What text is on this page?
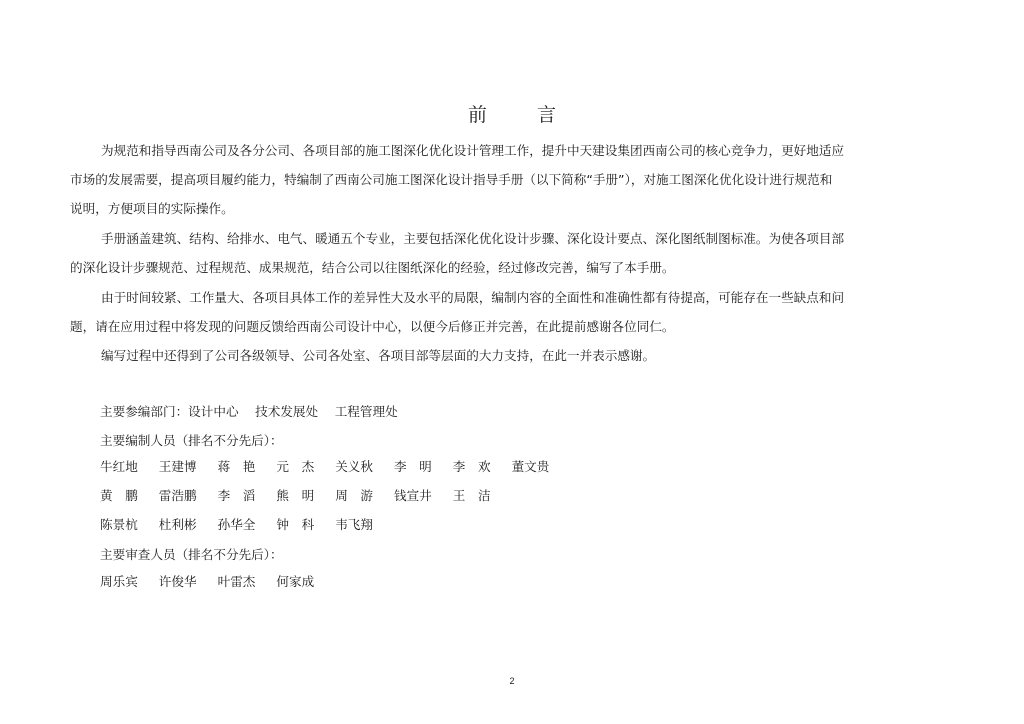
前 言

为规范和指导西南公司及各分公司、各项目部的施工图深化优化设计管理工作，提升中天建设集团西南公司的核心竞争力，更好地适应
市场的发展需要，提高项目履约能力，特编制了西南公司施工图深化设计指导手册（以下简称“手册”），对施工图深化优化设计进行规范和
说明，方便项目的实际操作。

手册涵盖建筑、结构、给排水、电气、暖通五个专业，主要包括深化优化设计步骤、深化设计要点、深化图纸制图标准。为使各项目部
的深化设计步骤规范、过程规范、成果规范，结合公司以往图纸深化的经验，经过修改完善，编写了本手册。

由于时间较紧、工作量大、各项目具体工作的差异性大及水平的局限，编制内容的全面性和准确性都有待提高，可能存在一些缺点和问
题，请在应用过程中将发现的问题反馈给西南公司设计中心，以便今后修正并完善，在此提前感谢各位同仁。

编写过程中还得到了公司各级领导、公司各处室、各项目部等层面的大力支持，在此一并表示感谢。

主要参编部门：设计中心　 技术发展处　 工程管理处
主要编制人员（排名不分先后）：
牛红地 王建博 蒋　艳 元　杰 关义秋 李　明 李　欢 董文贵
黄　鹏 雷浩鹏 李　滔 熊　明 周　游 钱宣井 王　洁
陈景杭 杜利彬 孙华全 钟　科 韦飞翔
主要审查人员（排名不分先后）：
周乐宾 许俊华 叶雷杰 何家成
2
